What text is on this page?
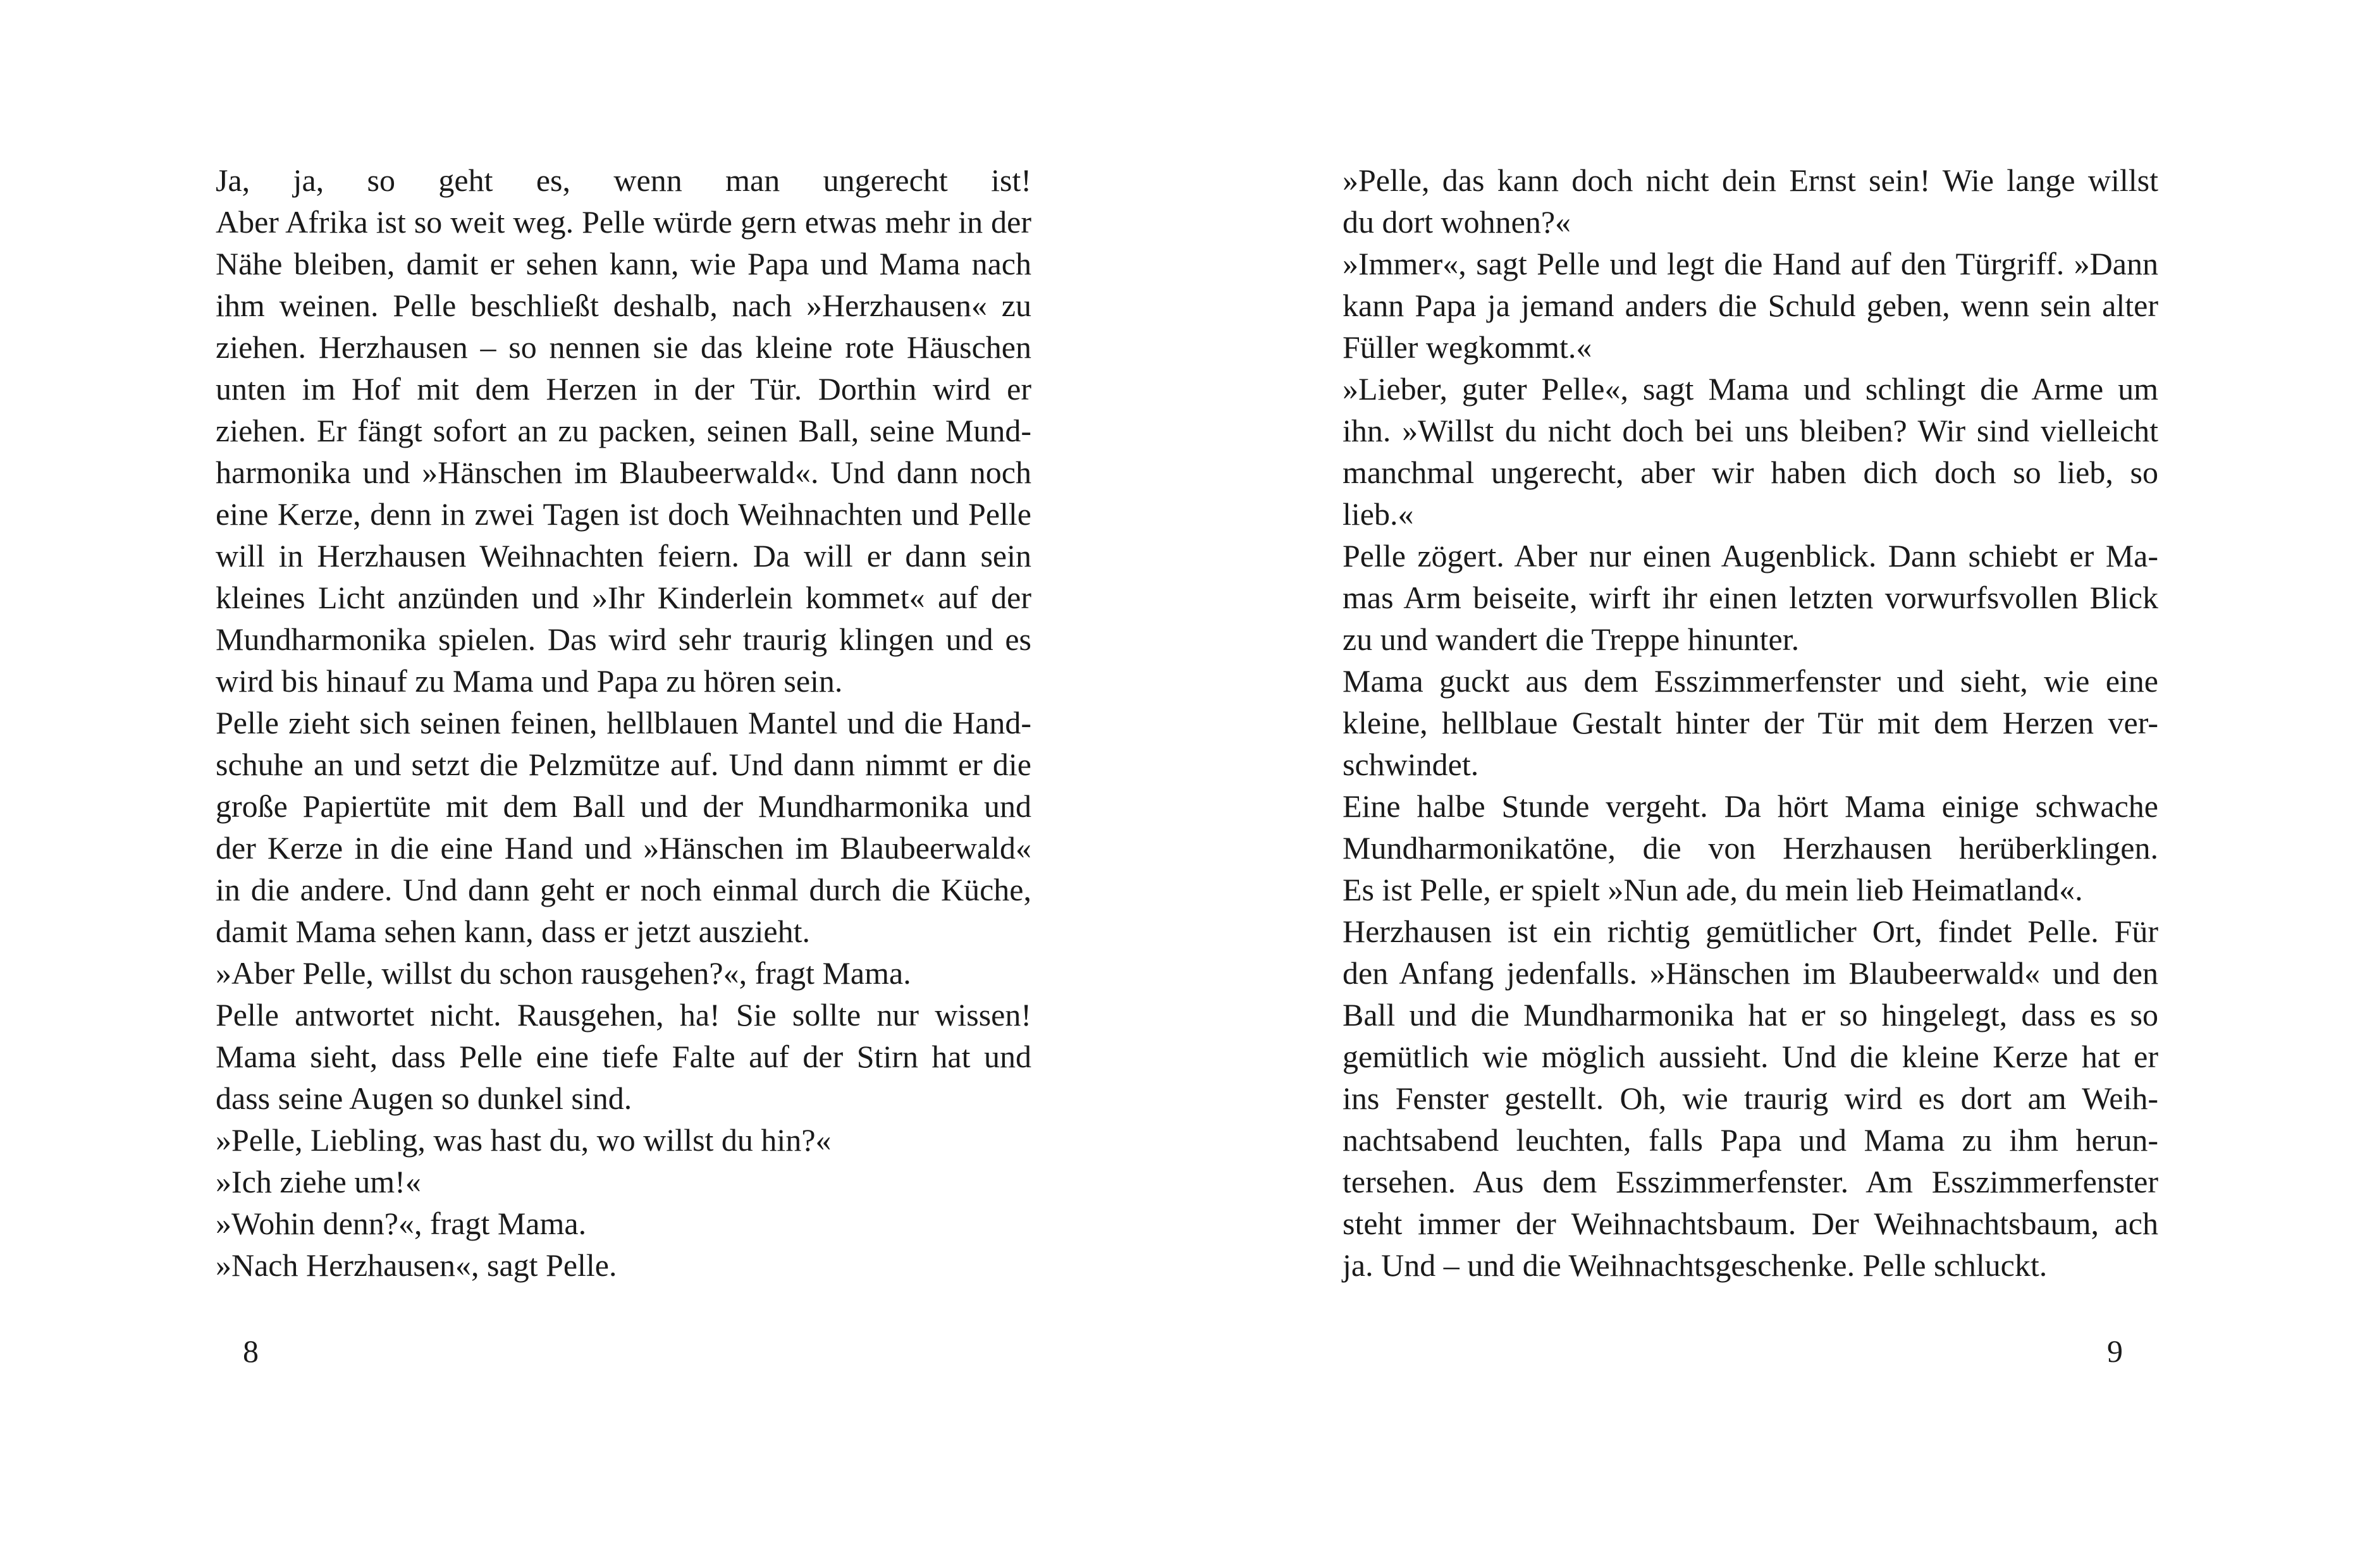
Ja, ja, so geht es, wenn man ungerecht ist!
Aber Afrika ist so weit weg. Pelle würde gern etwas mehr in der
Nähe bleiben, damit er sehen kann, wie Papa und Mama nach
ihm weinen. Pelle beschließt deshalb, nach »Herzhausen« zu
ziehen. Herzhausen – so nennen sie das kleine rote Häuschen
unten im Hof mit dem Herzen in der Tür. Dorthin wird er
ziehen. Er fängt sofort an zu packen, seinen Ball, seine Mund-
harmonika und »Hänschen im Blaubeerwald«. Und dann noch
eine Kerze, denn in zwei Tagen ist doch Weihnachten und Pelle
will in Herzhausen Weihnachten feiern. Da will er dann sein
kleines Licht anzünden und »Ihr Kinderlein kommet« auf der
Mundharmonika spielen. Das wird sehr traurig klingen und es
wird bis hinauf zu Mama und Papa zu hören sein.
Pelle zieht sich seinen feinen, hellblauen Mantel und die Hand-
schuhe an und setzt die Pelzmütze auf. Und dann nimmt er die
große Papiertüte mit dem Ball und der Mundharmonika und
der Kerze in die eine Hand und »Hänschen im Blaubeerwald«
in die andere. Und dann geht er noch einmal durch die Küche,
damit Mama sehen kann, dass er jetzt auszieht.
»Aber Pelle, willst du schon rausgehen?«, fragt Mama.
Pelle antwortet nicht. Rausgehen, ha! Sie sollte nur wissen!
Mama sieht, dass Pelle eine tiefe Falte auf der Stirn hat und
dass seine Augen so dunkel sind.
»Pelle, Liebling, was hast du, wo willst du hin?«
»Ich ziehe um!«
»Wohin denn?«, fragt Mama.
»Nach Herzhausen«, sagt Pelle.
»Pelle, das kann doch nicht dein Ernst sein! Wie lange willst
du dort wohnen?«
»Immer«, sagt Pelle und legt die Hand auf den Türgriff. »Dann
kann Papa ja jemand anders die Schuld geben, wenn sein alter
Füller wegkommt.«
»Lieber, guter Pelle«, sagt Mama und schlingt die Arme um
ihn. »Willst du nicht doch bei uns bleiben? Wir sind vielleicht
manchmal ungerecht, aber wir haben dich doch so lieb, so
lieb.«
Pelle zögert. Aber nur einen Augenblick. Dann schiebt er Ma-
mas Arm beiseite, wirft ihr einen letzten vorwurfsvollen Blick
zu und wandert die Treppe hinunter.
Mama guckt aus dem Esszimmerfenster und sieht, wie eine
kleine, hellblaue Gestalt hinter der Tür mit dem Herzen ver-
schwindet.
Eine halbe Stunde vergeht. Da hört Mama einige schwache
Mundharmonikatöne, die von Herzhausen herüberklingen.
Es ist Pelle, er spielt »Nun ade, du mein lieb Heimatland«.
Herzhausen ist ein richtig gemütlicher Ort, findet Pelle. Für
den Anfang jedenfalls. »Hänschen im Blaubeerwald« und den
Ball und die Mundharmonika hat er so hingelegt, dass es so
gemütlich wie möglich aussieht. Und die kleine Kerze hat er
ins Fenster gestellt. Oh, wie traurig wird es dort am Weih-
nachtsabend leuchten, falls Papa und Mama zu ihm herun-
tersehen. Aus dem Esszimmerfenster. Am Esszimmerfenster
steht immer der Weihnachtsbaum. Der Weihnachtsbaum, ach
ja. Und – und die Weihnachtsgeschenke. Pelle schluckt.
8	9
